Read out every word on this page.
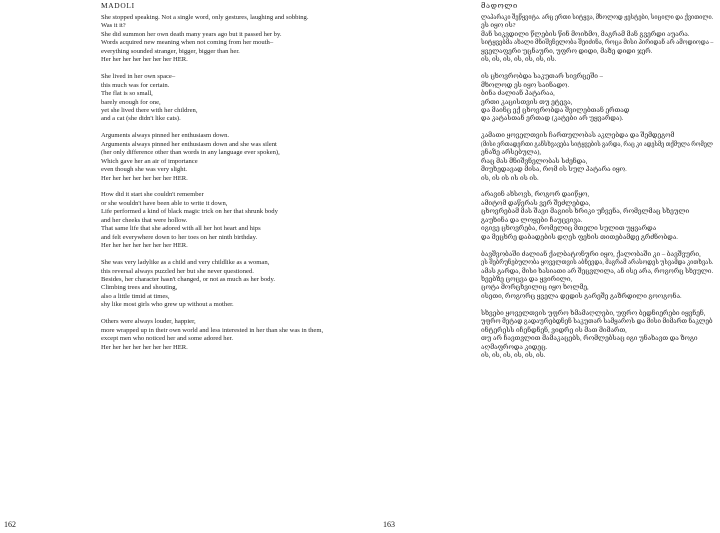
MADOLI
She stopped speaking. Not a single word, only gestures, laughing and sobbing.
Was it it?
She did summon her own death many years ago but it passed her by.
Words acquired new meaning when not coming from her mouth–
everything sounded stranger, bigger, bigger than her.
Her her her her her her her HER.
She lived in her own space–
this much was for certain.
The flat is so small,
barely enough for one,
yet she lived there with her children,
and a cat (she didn't like cats).
Arguments always pinned her enthusiasm down.
Arguments always pinned her enthusiasm down and she was silent
(her only difference other than words in any language ever spoken),
Which gave her an air of importance
even though she was very slight.
Her her her her her her her HER.
How did it start she couldn't remember
or she wouldn't have been able to write it down,
Life performed a kind of black magic trick on her that shrunk body
and her cheeks that were hollow.
That same life that she adored with all her hot heart and hips
and felt everywhere down to her toes on her ninth birthday.
Her her her her her her her HER.
She was very ladylike as a child and very childlike as a woman,
this reversal always puzzled her but she never questioned.
Besides, her character hasn't changed, or not as much as her body.
Climbing trees and shouting,
also a little timid at times,
shy like most girls who grew up without a mother.
Others were always louder, happier,
more wrapped up in their own world and less interested in her than she was in them,
except men who noticed her and some adored her.
Her her her her her her her HER.
162
მადოლი
ლაპარაკი შეწყვიტა. არც ერთი სიტყვა, მხოლოდ ჟესტები, სიცილი და ქვითილი.
ეს იყო ის?
მან სიკვდილი წლების წინ მოიხმო, მაგრამ მან გვერდი აუარა.
სიტყვებმა ახალი მნიშვნელობა შეიძინა, როცა მისი პირიდან არ ამოდიოდა –
ყველაფერი უცნაური, უფრო დიდი, მაზე დიდი ჯერ.
ის, ის, ის, ის, ის, ის, ის.
ის ცხოვრობდა საკუთარ სივრცეში –
მხოლოდ ეს იყო საინადო.
ბინა ძალიან პატარაა,
ერთი კაცისთვის თუ ეტევა,
და მაინც ექ ცხოვრობდა შვილებთან ერთად
და კატასთან ერთად (კატები არ უყვარდა).
კამათი ყოველთვის ჩართულობას აკლებდა და შემდეგომ
(მისი ერთადერთი განსხვავება სიტყვების გარდა, რაც კი ადესმე თქმულა რომელ
ენაზე არსებულა),
რაც მას მნიშვნელობას სძენდა,
მიუხედავად მისა, რომ ის სულ პატარა იყო.
ის, ის ის ის ის ის.
არავინ ახსოვს, როგორ დაიწყო,
ამიტომ დაწერას ვერ შეძლებდა,
ცხოვრებამ მას შავი მაგიის ხრიკი უჩვენა, რომელმაც სხეული
გაუხინა და ლოყები ჩაუცვივა.
იგივე ცხოვრება, რომელიც მთელი სულით უყვარდა
და მეცხრე დაბადების დღეს ფეხის თითებამდე გრძნობდა.
ბავშვობაში ძალიან ქალბატონური იყო, ქალობაში კი – ბავშვური,
ეს შებრუნებულობა ყოველთვის აბნევდა, მაგრამ არასოდეს უსვამდა კითხვას.
ამას გარდა, მისი ხასიათი არ შეცვლილა, ან ისე არა, როგორც სხეული.
ხეებზე ცოცვა და ყვირილი,
ცოტა მორცხვილიც იყო ხოლმე,
ისეთი, როგორც ყველა დედის გარეშე გაზრდილი გოოგონა.
სხვები ყოველთვის უფრო ხმამაღლები, უფრო ბედნიერები იყვნენ,
უფრო მეტად გადაურებდნენ საკუთარ სამყაროს და მისი მიმართ ნაკლებ
ინტერესს იჩენდნენ, ვიდრე ის მათ მიმართ,
თუ არ ჩავთვლით მამაკაცებს, რომლებსაც იგი უნახავთ და ზოგი
აღმაფროდა კიდეც.
ის, ის, ის, ის, ის, ის.
163
